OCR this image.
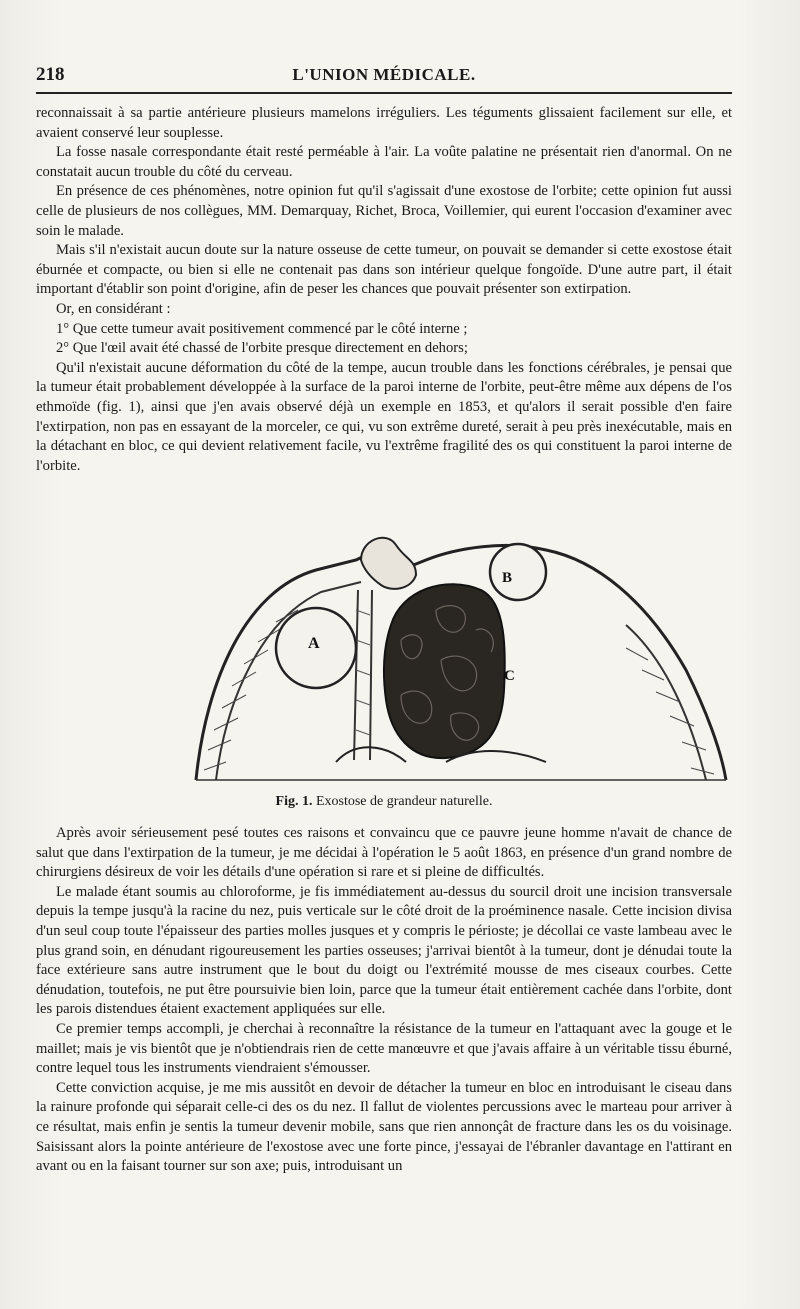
218	L'UNION MÉDICALE.

reconnaissait à sa partie antérieure plusieurs mamelons irréguliers. Les téguments glissaient facilement sur elle, et avaient conservé leur souplesse.

La fosse nasale correspondante était resté perméable à l'air. La voûte palatine ne présentait rien d'anormal. On ne constatait aucun trouble du côté du cerveau.

En présence de ces phénomènes, notre opinion fut qu'il s'agissait d'une exostose de l'orbite; cette opinion fut aussi celle de plusieurs de nos collègues, MM. Demarquay, Richet, Broca, Voillemier, qui eurent l'occasion d'examiner avec soin le malade.

Mais s'il n'existait aucun doute sur la nature osseuse de cette tumeur, on pouvait se demander si cette exostose était éburnée et compacte, ou bien si elle ne contenait pas dans son intérieur quelque fongoïde. D'une autre part, il était important d'établir son point d'origine, afin de peser les chances que pouvait présenter son extirpation.

Or, en considérant :

1° Que cette tumeur avait positivement commencé par le côté interne ;

2° Que l'œil avait été chassé de l'orbite presque directement en dehors;

Qu'il n'existait aucune déformation du côté de la tempe, aucun trouble dans les fonctions cérébrales, je pensai que la tumeur était probablement développée à la surface de la paroi interne de l'orbite, peut-être même aux dépens de l'os ethmoïde (fig. 1), ainsi que j'en avais observé déjà un exemple en 1853, et qu'alors il serait possible d'en faire l'extirpation, non pas en essayant de la morceler, ce qui, vu son extrême dureté, serait à peu près inexécutable, mais en la détachant en bloc, ce qui devient relativement facile, vu l'extrême fragilité des os qui constituent la paroi interne de l'orbite.

A
B
C
Fig. 1. Exostose de grandeur naturelle.

Après avoir sérieusement pesé toutes ces raisons et convaincu que ce pauvre jeune homme n'avait de chance de salut que dans l'extirpation de la tumeur, je me décidai à l'opération le 5 août 1863, en présence d'un grand nombre de chirurgiens désireux de voir les détails d'une opération si rare et si pleine de difficultés.

Le malade étant soumis au chloroforme, je fis immédiatement au-dessus du sourcil droit une incision transversale depuis la tempe jusqu'à la racine du nez, puis verticale sur le côté droit de la proéminence nasale. Cette incision divisa d'un seul coup toute l'épaisseur des parties molles jusques et y compris le périoste; je décollai ce vaste lambeau avec le plus grand soin, en dénudant rigoureusement les parties osseuses; j'arrivai bientôt à la tumeur, dont je dénudai toute la face extérieure sans autre instrument que le bout du doigt ou l'extrémité mousse de mes ciseaux courbes. Cette dénudation, toutefois, ne put être poursuivie bien loin, parce que la tumeur était entièrement cachée dans l'orbite, dont les parois distendues étaient exactement appliquées sur elle.

Ce premier temps accompli, je cherchai à reconnaître la résistance de la tumeur en l'attaquant avec la gouge et le maillet; mais je vis bientôt que je n'obtiendrais rien de cette manœuvre et que j'avais affaire à un véritable tissu éburné, contre lequel tous les instruments viendraient s'émousser.

Cette conviction acquise, je me mis aussitôt en devoir de détacher la tumeur en bloc en introduisant le ciseau dans la rainure profonde qui séparait celle-ci des os du nez. Il fallut de violentes percussions avec le marteau pour arriver à ce résultat, mais enfin je sentis la tumeur devenir mobile, sans que rien annonçât de fracture dans les os du voisinage. Saisissant alors la pointe antérieure de l'exostose avec une forte pince, j'essayai de l'ébranler davantage en l'attirant en avant ou en la faisant tourner sur son axe; puis, introduisant un
